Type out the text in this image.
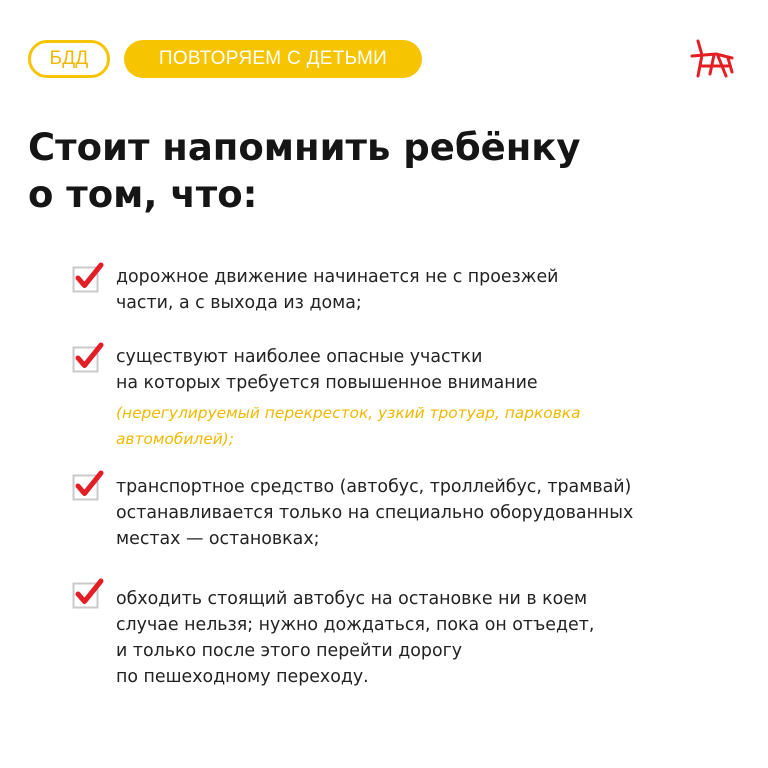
БДД	ПОВТОРЯЕМ С ДЕТЬМИ
Стоит напомнить ребёнку
о том, что:
дорожное движение начинается не с проезжей
части, а с выхода из дома;
существуют наиболее опасные участки
на которых требуется повышенное внимание
(нерегулируемый перекресток, узкий тротуар, парковка
автомобилей);
транспортное средство (автобус, троллейбус, трамвай)
останавливается только на специально оборудованных
местах — остановках;
обходить стоящий автобус на остановке ни в коем
случае нельзя; нужно дождаться, пока он отъедет,
и только после этого перейти дорогу
по пешеходному переходу.
